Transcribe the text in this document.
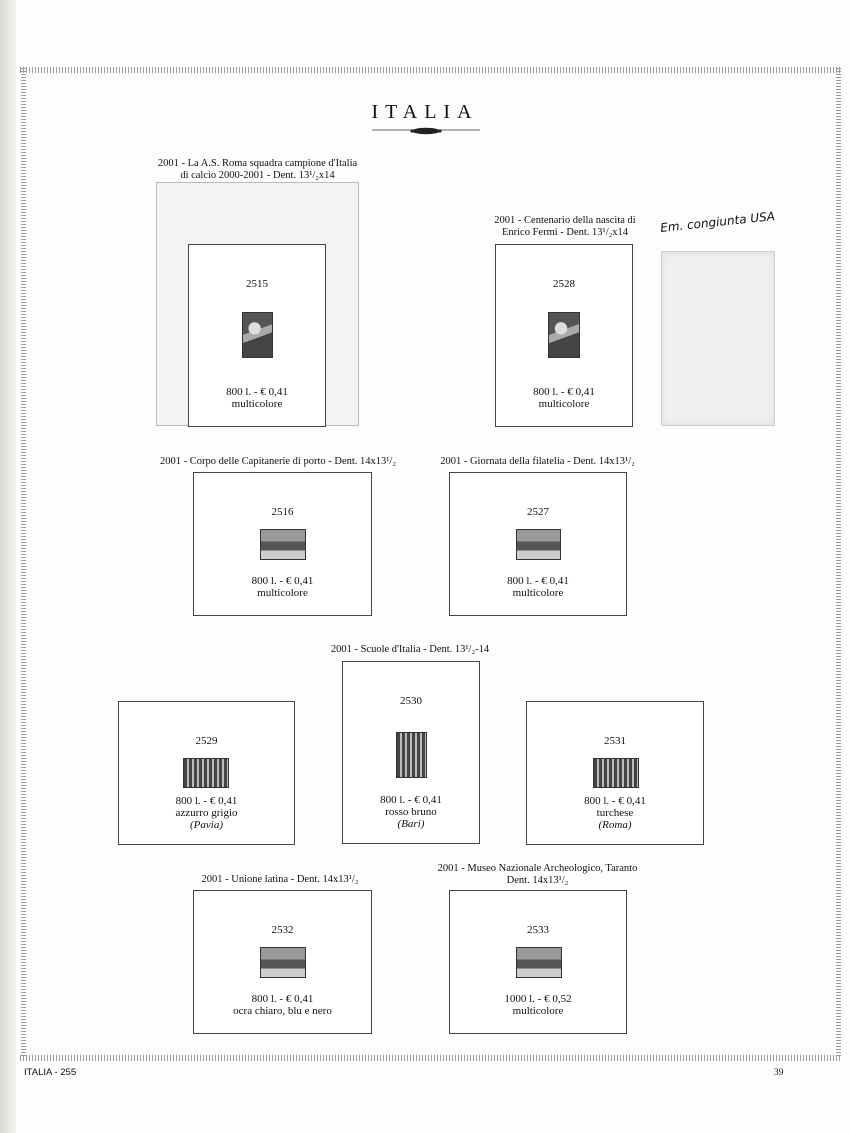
ITALIA
2001 - La A.S. Roma squadra campione d'Italia
di calcio 2000-2001 - Dent. 13¹/₂x14
2515
800 l. - € 0,41
multicolore
2001 - Centenario della nascita di
Enrico Fermi - Dent. 13¹/₂x14
2528
800 l. - € 0,41
multicolore
Em. congiunta USA
2001 - Corpo delle Capitanerie di porto - Dent. 14x13¹/₂
2516
800 l. - € 0,41
multicolore
2001 - Giornata della filatelia - Dent. 14x13¹/₂
2527
800 l. - € 0,41
multicolore
2001 - Scuole d'Italia - Dent. 13¹/₂-14
2529
800 l. - € 0,41
azzurro grigio
(Pavia)
2530
800 l. - € 0,41
rosso bruno
(Bari)
2531
800 l. - € 0,41
turchese
(Roma)
2001 - Unione latina - Dent. 14x13¹/₂
2532
800 l. - € 0,41
ocra chiaro, blu e nero
2001 - Museo Nazionale Archeologico, Taranto
Dent. 14x13¹/₂
2533
1000 l. - € 0,52
multicolore
ITALIA - 255	39
